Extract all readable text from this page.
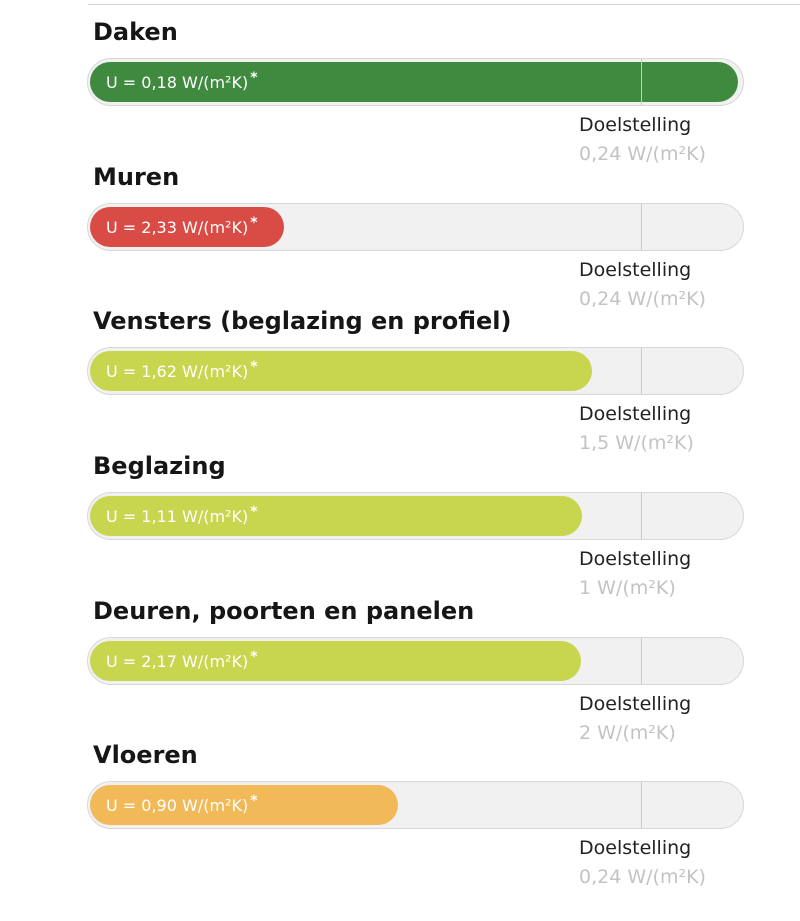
Daken
U = 0,18 W/(m²K) *
Doelstelling
0,24 W/(m²K)
Muren
U = 2,33 W/(m²K) *
Doelstelling
0,24 W/(m²K)
Vensters (beglazing en profiel)
U = 1,62 W/(m²K) *
Doelstelling
1,5 W/(m²K)
Beglazing
U = 1,11 W/(m²K) *
Doelstelling
1 W/(m²K)
Deuren, poorten en panelen
U = 2,17 W/(m²K) *
Doelstelling
2 W/(m²K)
Vloeren
U = 0,90 W/(m²K) *
Doelstelling
0,24 W/(m²K)
